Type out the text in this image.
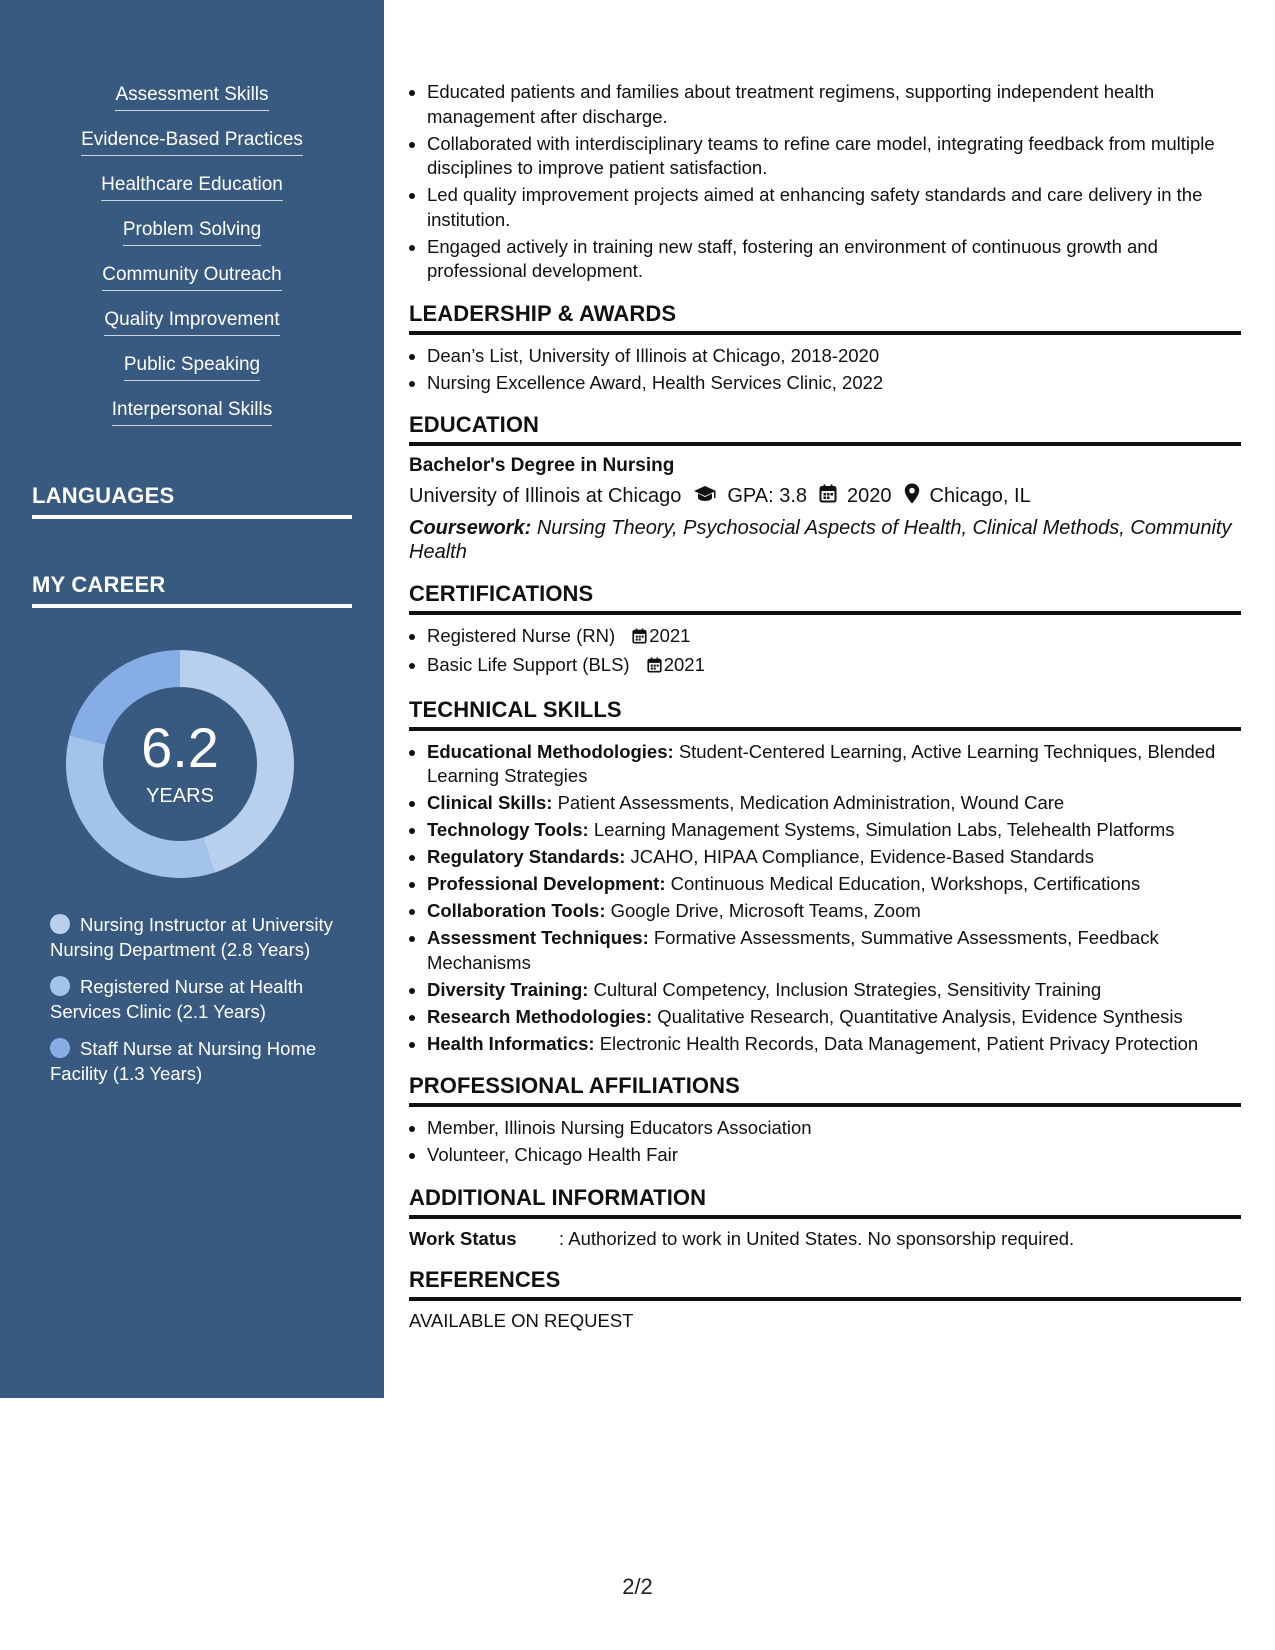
Assessment Skills
Evidence-Based Practices
Healthcare Education
Problem Solving
Community Outreach
Quality Improvement
Public Speaking
Interpersonal Skills
LANGUAGES
MY CAREER
6.2
YEARS
Nursing Instructor at University Nursing Department (2.8 Years)
Registered Nurse at Health Services Clinic (2.1 Years)
Staff Nurse at Nursing Home Facility (1.3 Years)
• Educated patients and families about treatment regimens, supporting independent health management after discharge.
• Collaborated with interdisciplinary teams to refine care model, integrating feedback from multiple disciplines to improve patient satisfaction.
• Led quality improvement projects aimed at enhancing safety standards and care delivery in the institution.
• Engaged actively in training new staff, fostering an environment of continuous growth and professional development.
LEADERSHIP & AWARDS
• Dean’s List, University of Illinois at Chicago, 2018-2020
• Nursing Excellence Award, Health Services Clinic, 2022
EDUCATION
Bachelor's Degree in Nursing
University of Illinois at Chicago GPA: 3.8 2020 Chicago, IL
Coursework: Nursing Theory, Psychosocial Aspects of Health, Clinical Methods, Community Health
CERTIFICATIONS
• Registered Nurse (RN) 2021
• Basic Life Support (BLS) 2021
TECHNICAL SKILLS
• Educational Methodologies: Student-Centered Learning, Active Learning Techniques, Blended Learning Strategies
• Clinical Skills: Patient Assessments, Medication Administration, Wound Care
• Technology Tools: Learning Management Systems, Simulation Labs, Telehealth Platforms
• Regulatory Standards: JCAHO, HIPAA Compliance, Evidence-Based Standards
• Professional Development: Continuous Medical Education, Workshops, Certifications
• Collaboration Tools: Google Drive, Microsoft Teams, Zoom
• Assessment Techniques: Formative Assessments, Summative Assessments, Feedback Mechanisms
• Diversity Training: Cultural Competency, Inclusion Strategies, Sensitivity Training
• Research Methodologies: Qualitative Research, Quantitative Analysis, Evidence Synthesis
• Health Informatics: Electronic Health Records, Data Management, Patient Privacy Protection
PROFESSIONAL AFFILIATIONS
• Member, Illinois Nursing Educators Association
• Volunteer, Chicago Health Fair
ADDITIONAL INFORMATION
Work Status	: Authorized to work in United States. No sponsorship required.
REFERENCES
AVAILABLE ON REQUEST
2/2
